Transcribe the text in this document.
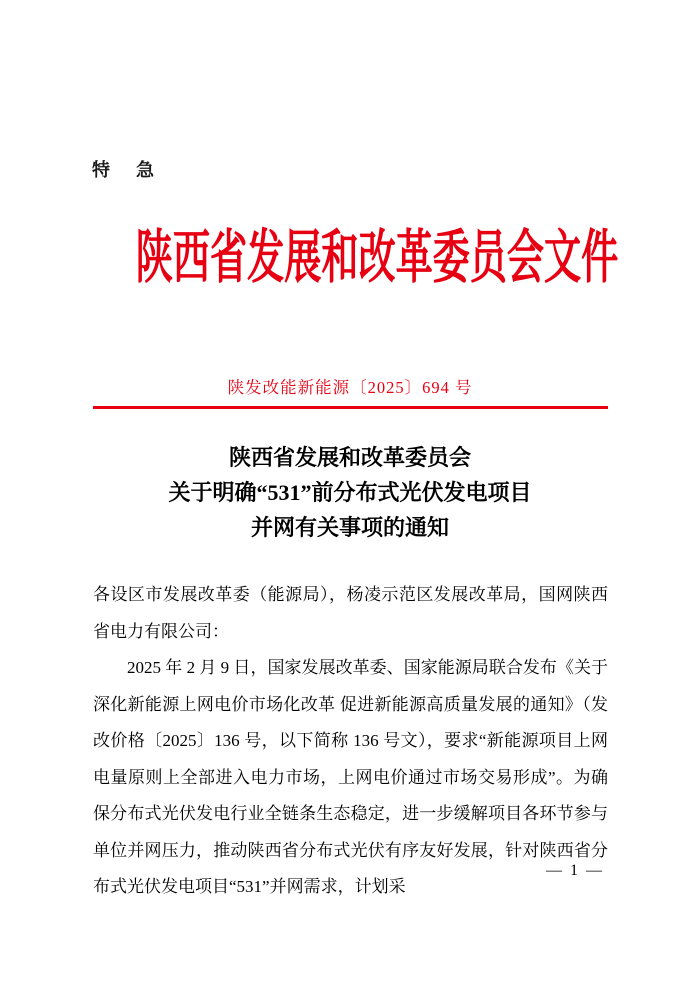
特　急
陕西省发展和改革委员会文件
陕发改能新能源〔2025〕694 号
陕西省发展和改革委员会
关于明确“531”前分布式光伏发电项目
并网有关事项的通知

各设区市发展改革委（能源局），杨凌示范区发展改革局，国网陕西省电力有限公司：

2025 年 2 月 9 日，国家发展改革委、国家能源局联合发布《关于深化新能源上网电价市场化改革 促进新能源高质量发展的通知》（发改价格〔2025〕136 号，以下简称 136 号文），要求“新能源项目上网电量原则上全部进入电力市场，上网电价通过市场交易形成”。为确保分布式光伏发电行业全链条生态稳定，进一步缓解项目各环节参与单位并网压力，推动陕西省分布式光伏有序友好发展，针对陕西省分布式光伏发电项目“531”并网需求，计划采

— 1 —
